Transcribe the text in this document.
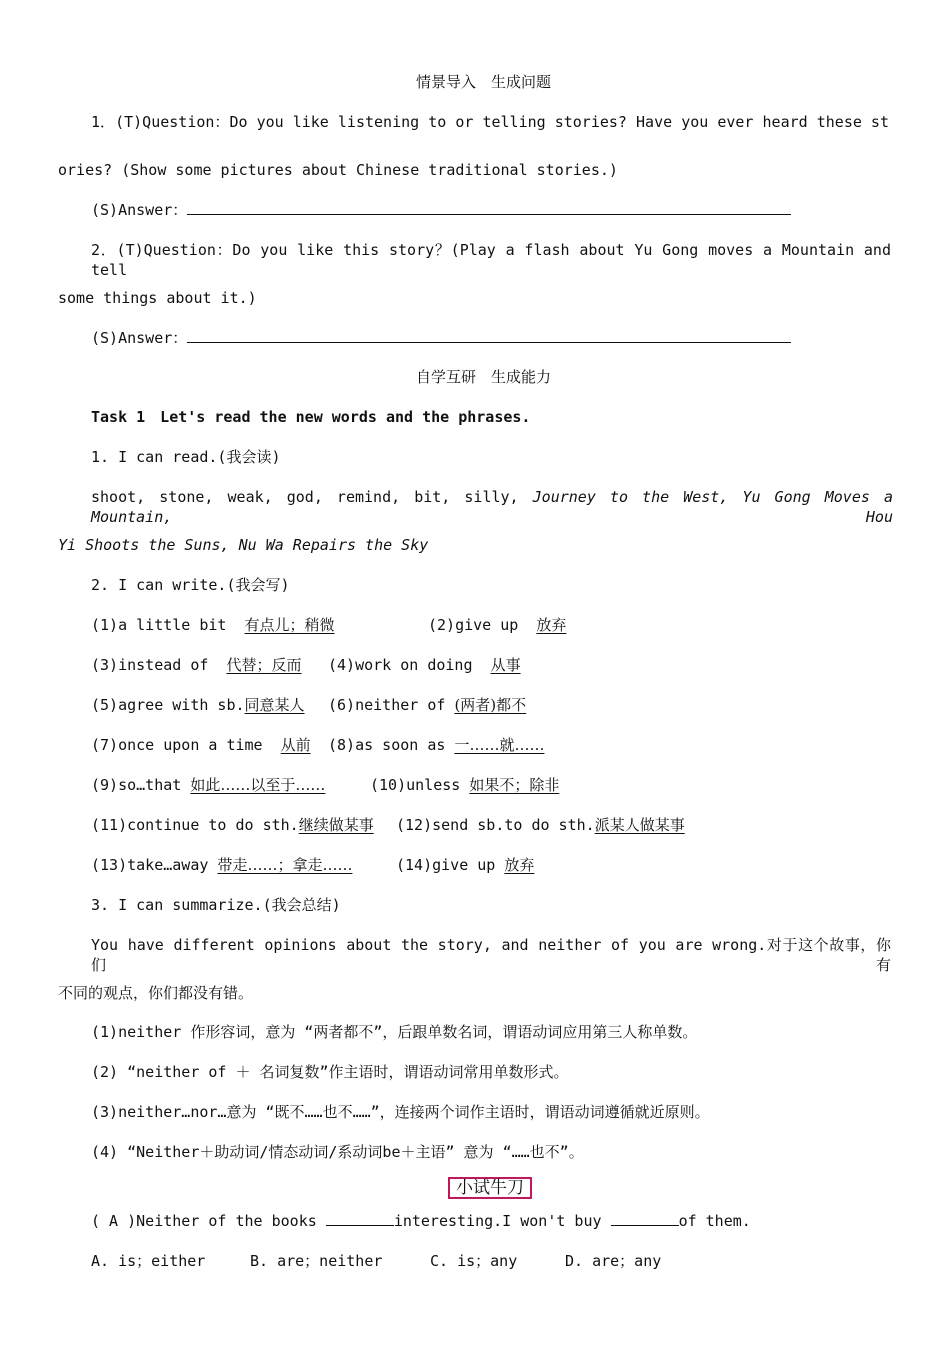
情景导入　生成问题
1．(T)Question：Do you like listening to or telling stories? Have you ever heard these st
ories? (Show some pictures about Chinese traditional stories.)
(S)Answer：
2．(T)Question：Do you like this story？(Play a flash about Yu Gong moves a Mountain and tell
some things about it.)
(S)Answer：
自学互研　生成能力
Task 1　Let's read the new words and the phrases.
1. I can read.(我会读)
shoot, stone, weak, god, remind, bit, silly, Journey to the West, Yu Gong Moves a Mountain, Hou
Yi Shoots the Suns, Nu Wa Repairs the Sky
2. I can write.(我会写)
(1)a little bit  有点儿；稍微	(2)give up  放弃
(3)instead of  代替；反而 (4)work on doing  从事
(5)agree with sb.同意某人 (6)neither of (两者)都不
(7)once upon a time  从前 (8)as soon as 一……就……
(9)so…that 如此……以至于……	(10)unless 如果不；除非
(11)continue to do sth.继续做某事 (12)send sb.to do sth.派某人做某事
(13)take…away 带走……；拿走……	(14)give up 放弃
3. I can summarize.(我会总结)
You have different opinions about the story, and neither of you are wrong.对于这个故事，你们有
不同的观点，你们都没有错。
(1)neither 作形容词，意为 “两者都不”，后跟单数名词，谓语动词应用第三人称单数。
(2) “neither of ＋ 名词复数”作主语时，谓语动词常用单数形式。
(3)neither…nor…意为 “既不……也不……”，连接两个词作主语时，谓语动词遵循就近原则。
(4) “Neither＋助动词/情态动词/系动词be＋主语” 意为 “……也不”。
小试牛刀
( A )Neither of the books	interesting.I won't buy	of them.
A. is；either	B. are；neither	C. is；any	D. are；any
